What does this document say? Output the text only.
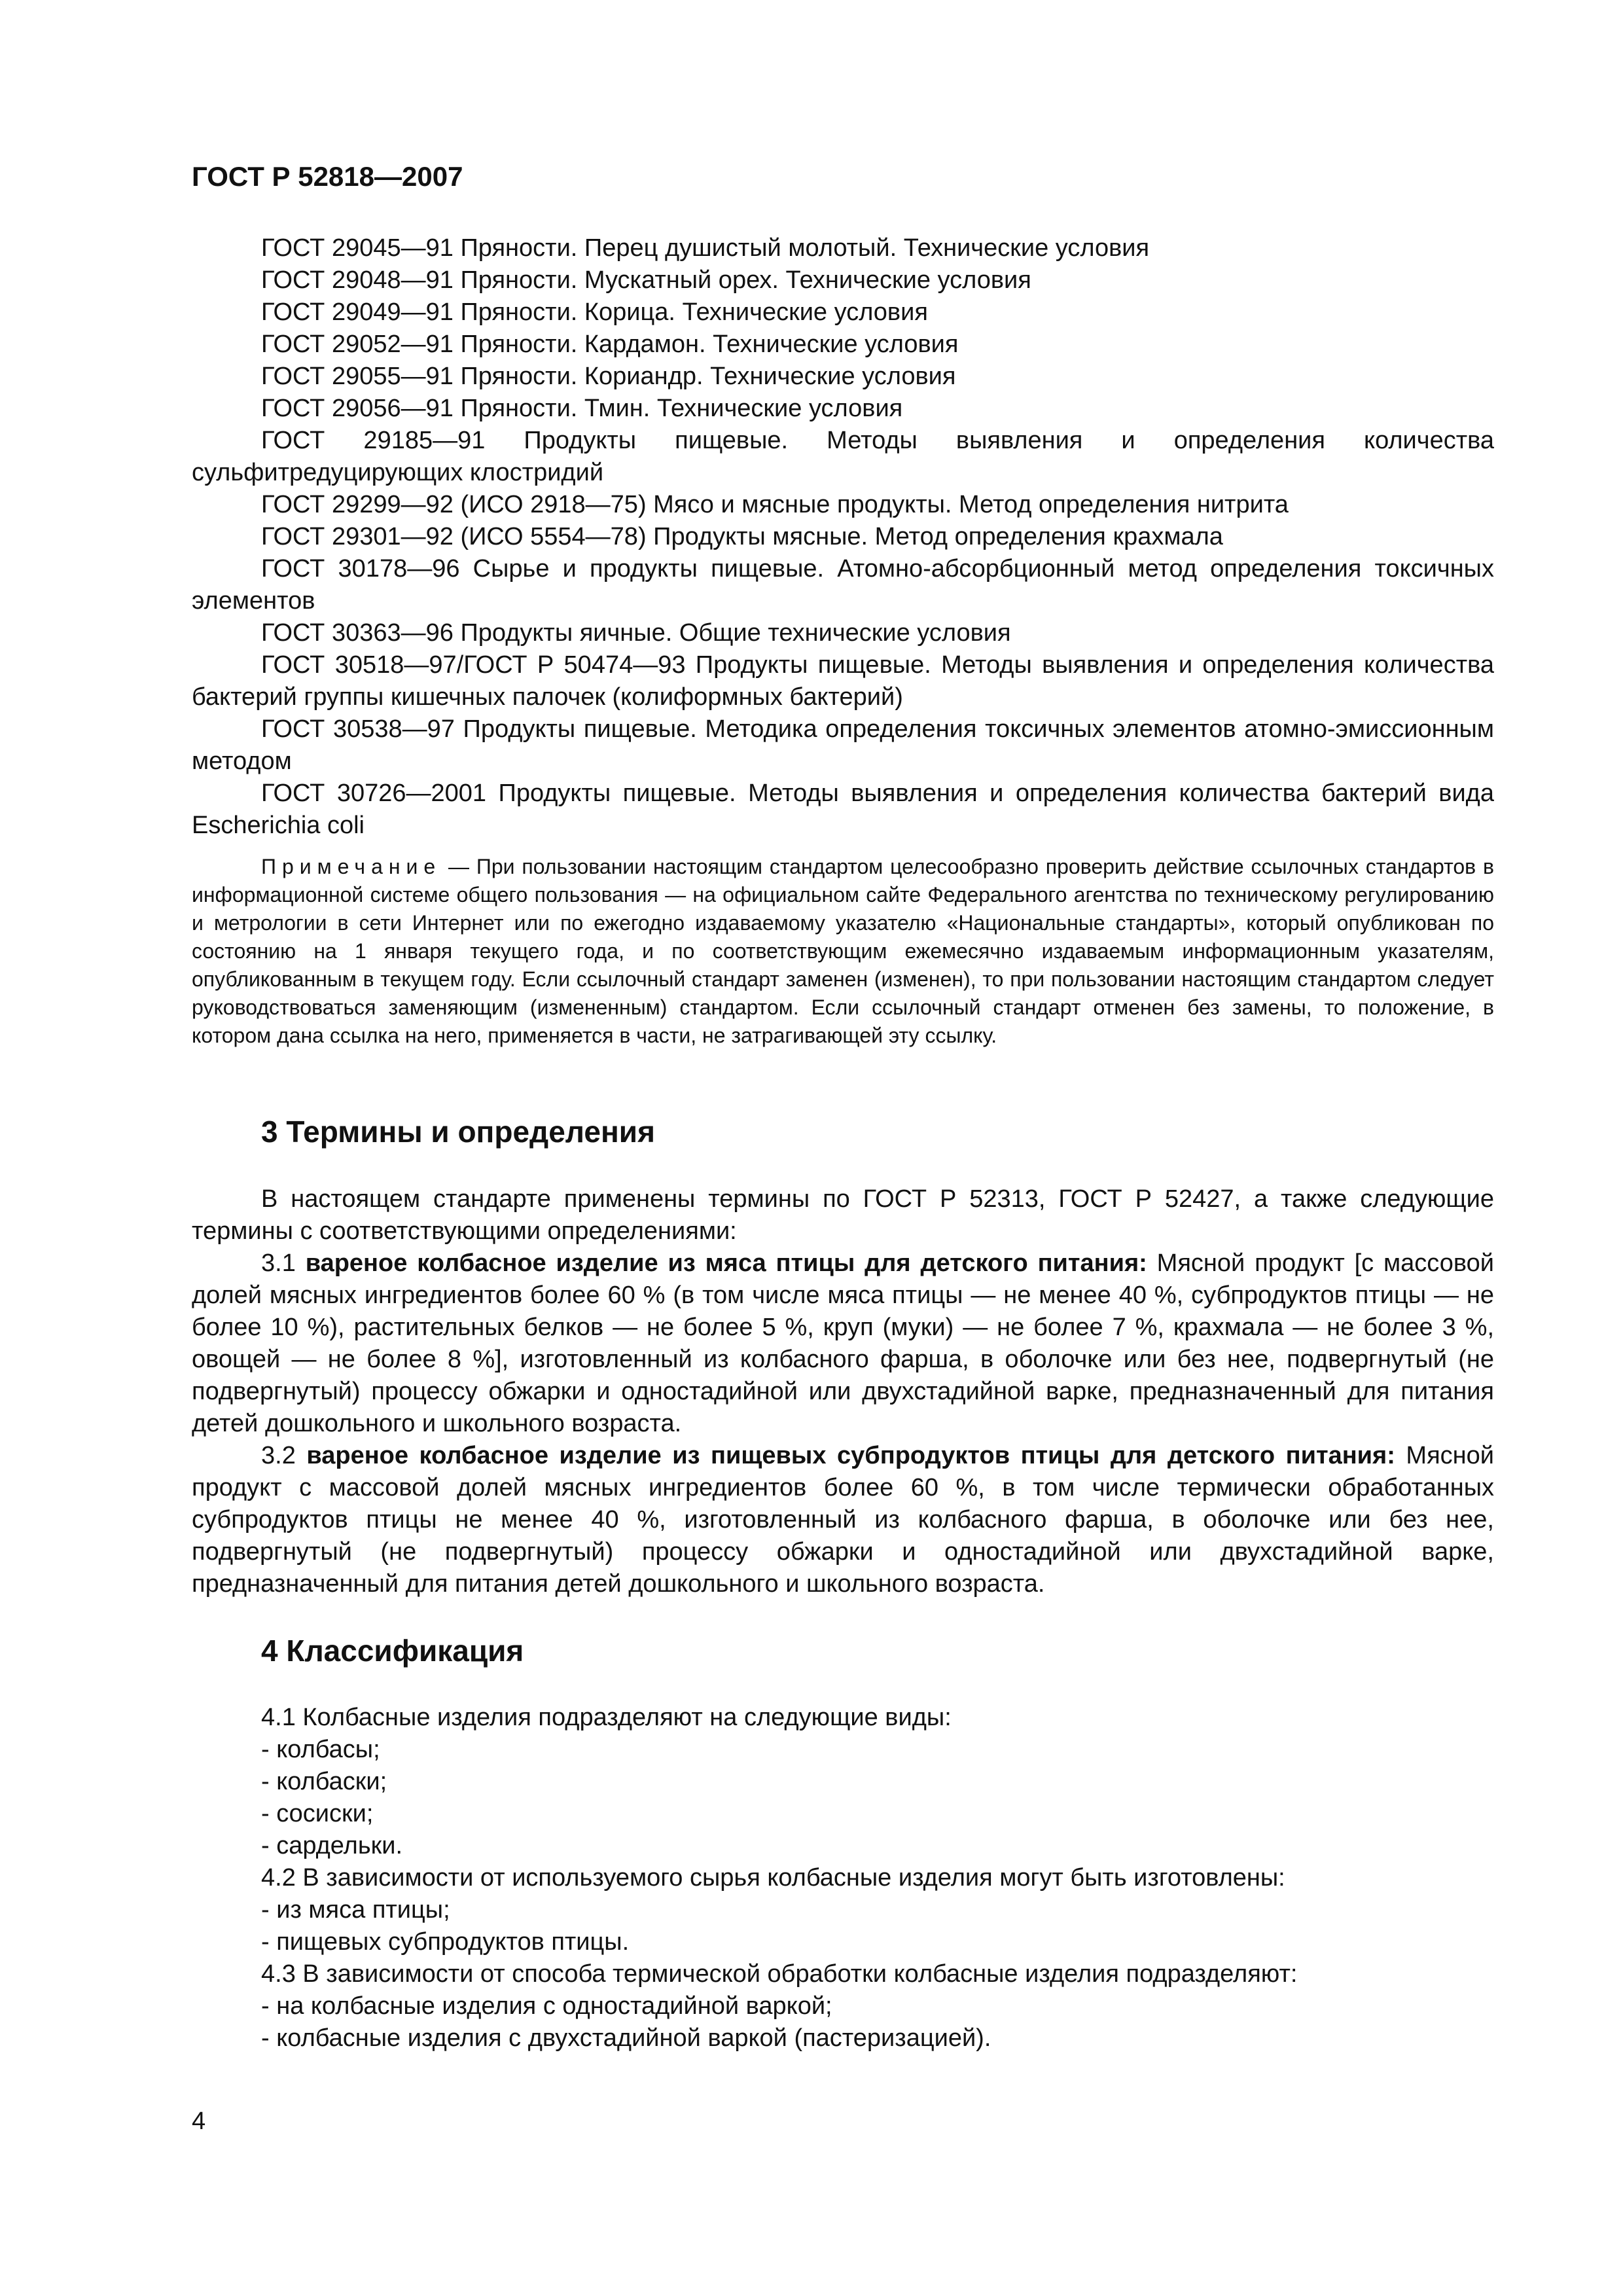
ГОСТ Р 52818—2007

ГОСТ 29045—91 Пряности. Перец душистый молотый. Технические условия

ГОСТ 29048—91 Пряности. Мускатный орех. Технические условия

ГОСТ 29049—91 Пряности. Корица. Технические условия

ГОСТ 29052—91 Пряности. Кардамон. Технические условия

ГОСТ 29055—91 Пряности. Кориандр. Технические условия

ГОСТ 29056—91 Пряности. Тмин. Технические условия

ГОСТ 29185—91 Продукты пищевые. Методы выявления и определения количества сульфитредуцирующих клостридий

ГОСТ 29299—92 (ИСО 2918—75) Мясо и мясные продукты. Метод определения нитрита

ГОСТ 29301—92 (ИСО 5554—78) Продукты мясные. Метод определения крахмала

ГОСТ 30178—96 Сырье и продукты пищевые. Атомно-абсорбционный метод определения токсичных элементов

ГОСТ 30363—96 Продукты яичные. Общие технические условия

ГОСТ 30518—97/ГОСТ Р 50474—93 Продукты пищевые. Методы выявления и определения количества бактерий группы кишечных палочек (колиформных бактерий)

ГОСТ 30538—97 Продукты пищевые. Методика определения токсичных элементов атомно-эмиссионным методом

ГОСТ 30726—2001 Продукты пищевые. Методы выявления и определения количества бактерий вида Escherichia coli

Примечание — При пользовании настоящим стандартом целесообразно проверить действие ссылочных стандартов в информационной системе общего пользования — на официальном сайте Федерального агентства по техническому регулированию и метрологии в сети Интернет или по ежегодно издаваемому указателю «Национальные стандарты», который опубликован по состоянию на 1 января текущего года, и по соответствующим ежемесячно издаваемым информационным указателям, опубликованным в текущем году. Если ссылочный стандарт заменен (изменен), то при пользовании настоящим стандартом следует руководствоваться заменяющим (измененным) стандартом. Если ссылочный стандарт отменен без замены, то положение, в котором дана ссылка на него, применяется в части, не затрагивающей эту ссылку.

3 Термины и определения

В настоящем стандарте применены термины по ГОСТ Р 52313, ГОСТ Р 52427, а также следующие термины с соответствующими определениями:

3.1 вареное колбасное изделие из мяса птицы для детского питания: Мясной продукт [с массовой долей мясных ингредиентов более 60 % (в том числе мяса птицы — не менее 40 %, субпродуктов птицы — не более 10 %), растительных белков — не более 5 %, круп (муки) — не более 7 %, крахмала — не более 3 %, овощей — не более 8 %], изготовленный из колбасного фарша, в оболочке или без нее, подвергнутый (не подвергнутый) процессу обжарки и одностадийной или двухстадийной варке, предназначенный для питания детей дошкольного и школьного возраста.

3.2 вареное колбасное изделие из пищевых субпродуктов птицы для детского питания: Мясной продукт с массовой долей мясных ингредиентов более 60 %, в том числе термически обработанных субпродуктов птицы не менее 40 %, изготовленный из колбасного фарша, в оболочке или без нее, подвергнутый (не подвергнутый) процессу обжарки и одностадийной или двухстадийной варке, предназначенный для питания детей дошкольного и школьного возраста.

4 Классификация

4.1 Колбасные изделия подразделяют на следующие виды:

- колбасы;

- колбаски;

- сосиски;

- сардельки.

4.2 В зависимости от используемого сырья колбасные изделия могут быть изготовлены:

- из мяса птицы;

- пищевых субпродуктов птицы.

4.3 В зависимости от способа термической обработки колбасные изделия подразделяют:

- на колбасные изделия с одностадийной варкой;

- колбасные изделия с двухстадийной варкой (пастеризацией).

4
